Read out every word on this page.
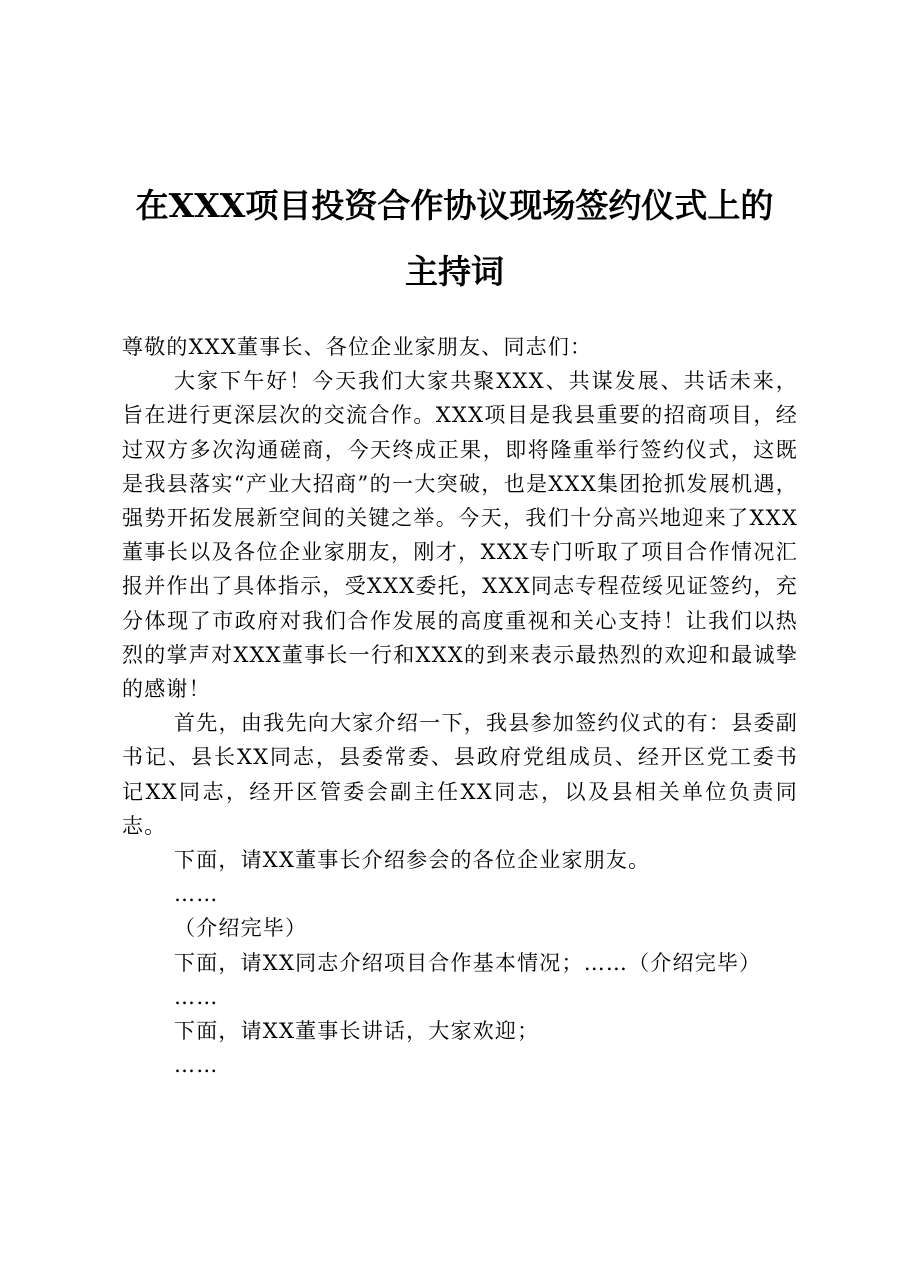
在XXX项目投资合作协议现场签约仪式上的
主持词

尊敬的XXX董事长、各位企业家朋友、同志们：

大家下午好！今天我们大家共聚XXX、共谋发展、共话未来，旨在进行更深层次的交流合作。XXX项目是我县重要的招商项目，经过双方多次沟通磋商，今天终成正果，即将隆重举行签约仪式，这既是我县落实“产业大招商”的一大突破，也是XXX集团抢抓发展机遇，强势开拓发展新空间的关键之举。今天，我们十分高兴地迎来了XXX董事长以及各位企业家朋友，刚才，XXX专门听取了项目合作情况汇报并作出了具体指示，受XXX委托，XXX同志专程莅绥见证签约，充分体现了市政府对我们合作发展的高度重视和关心支持！让我们以热烈的掌声对XXX董事长一行和XXX的到来表示最热烈的欢迎和最诚挚的感谢！

首先，由我先向大家介绍一下，我县参加签约仪式的有：县委副书记、县长XX同志，县委常委、县政府党组成员、经开区党工委书记XX同志，经开区管委会副主任XX同志，以及县相关单位负责同志。

下面，请XX董事长介绍参会的各位企业家朋友。

……

（介绍完毕）

下面，请XX同志介绍项目合作基本情况；……（介绍完毕）

……

下面，请XX董事长讲话，大家欢迎；

……
